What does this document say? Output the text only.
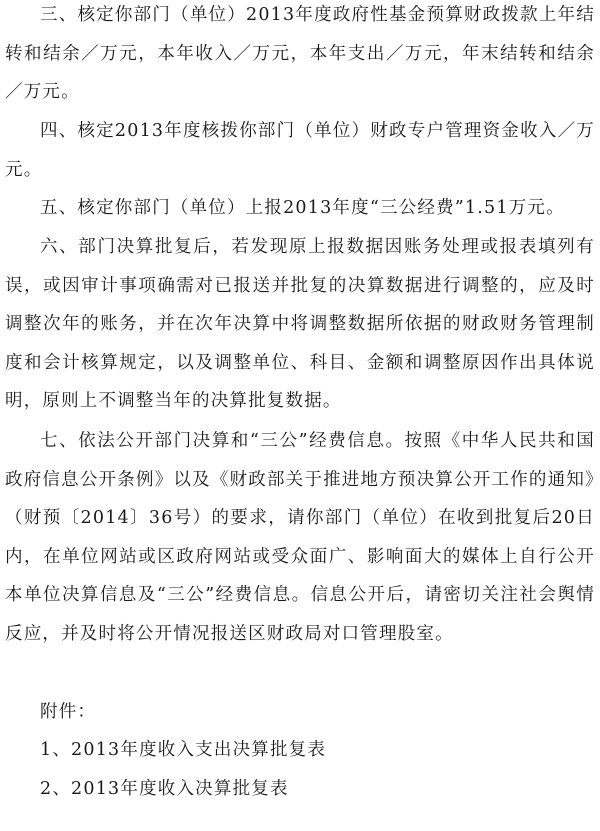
三、核定你部门（单位）2013年度政府性基金预算财政拨款上年结转和结余／万元，本年收入／万元，本年支出／万元，年末结转和结余／万元。

四、核定2013年度核拨你部门（单位）财政专户管理资金收入／万元。

五、核定你部门（单位）上报2013年度“三公经费”1.51万元。

六、部门决算批复后，若发现原上报数据因账务处理或报表填列有误，或因审计事项确需对已报送并批复的决算数据进行调整的，应及时调整次年的账务，并在次年决算中将调整数据所依据的财政财务管理制度和会计核算规定，以及调整单位、科目、金额和调整原因作出具体说明，原则上不调整当年的决算批复数据。

七、依法公开部门决算和“三公”经费信息。按照《中华人民共和国政府信息公开条例》以及《财政部关于推进地方预决算公开工作的通知》（财预〔2014〕36号）的要求，请你部门（单位）在收到批复后20日内，在单位网站或区政府网站或受众面广、影响面大的媒体上自行公开本单位决算信息及“三公”经费信息。信息公开后，请密切关注社会舆情反应，并及时将公开情况报送区财政局对口管理股室。

附件：

1、2013年度收入支出决算批复表

2、2013年度收入决算批复表
